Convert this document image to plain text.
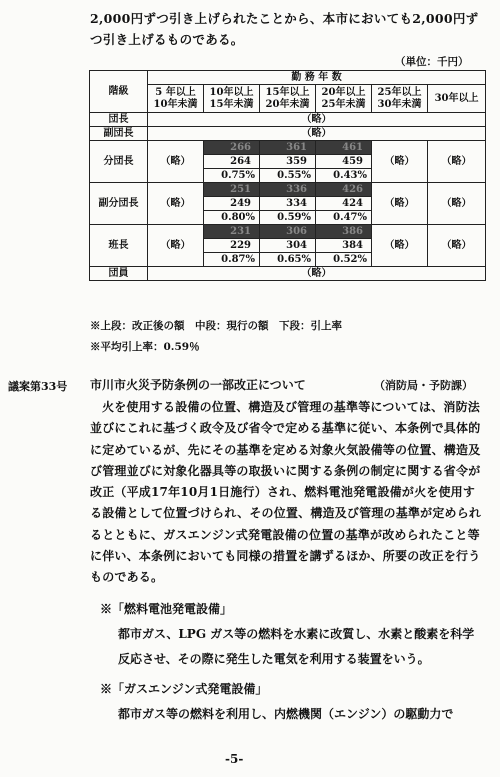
2,000円ずつ引き上げられたことから、本市においても2,000円ずつ引き上げるものである。
（単位：千円）
階級	勤 務 年 数					
	5 年以上 10年未満	10年以上 15年未満	15年以上 20年未満	20年以上 25年未満	25年以上 30年未満	30年以上
団長	（略）					
副団長	（略）					
分団長	（略）	266	361	461	（略）	（略）
		264	359	459		
		0.75%	0.55%	0.43%		
副分団長	（略）	251	336	426	（略）	（略）
		249	334	424		
		0.80%	0.59%	0.47%		
班長	（略）	231	306	386	（略）	（略）
		229	304	384		
		0.87%	0.65%	0.52%		
団員	（略）					
※上段：改正後の額　中段：現行の額　下段：引上率
※平均引上率：0.59％
議案第33号 市川市火災予防条例の一部改正について	（消防局・予防課）
火を使用する設備の位置、構造及び管理の基準等については、消防法並びにこれに基づく政令及び省令で定める基準に従い、本条例で具体的に定めているが、先にその基準を定める対象火気設備等の位置、構造及び管理並びに対象化器具等の取扱いに関する条例の制定に関する省令が改正（平成17年10月1日施行）され、燃料電池発電設備が火を使用する設備として位置づけられ、その位置、構造及び管理の基準が定められるとともに、ガスエンジン式発電設備の位置の基準が改められたこと等に伴い、本条例においても同様の措置を講ずるほか、所要の改正を行うものである。
※「燃料電池発電設備」
都市ガス、LPG ガス等の燃料を水素に改質し、水素と酸素を科学反応させ、その際に発生した電気を利用する装置をいう。
※「ガスエンジン式発電設備」
都市ガス等の燃料を利用し、内燃機関（エンジン）の駆動力で
-5-
